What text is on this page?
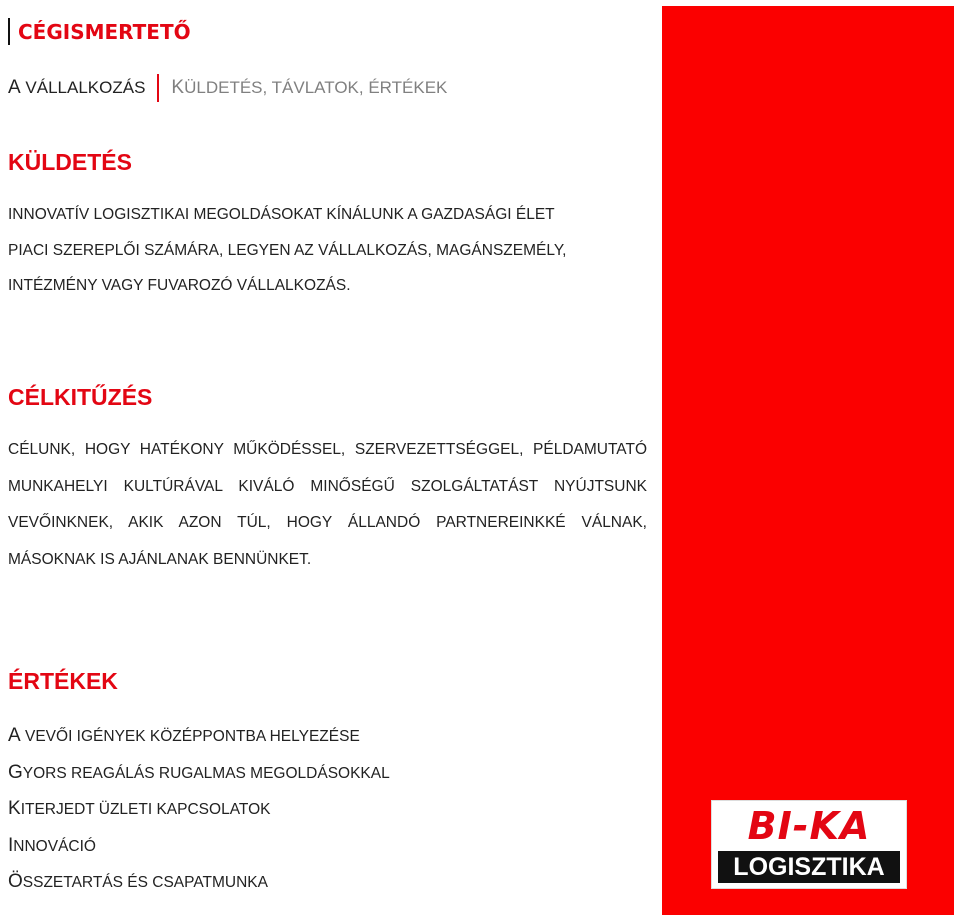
CÉGISMERTETŐ
A VÁLLALKOZÁS KÜLDETÉS, TÁVLATOK, ÉRTÉKEK
KÜLDETÉS
INNOVATÍV LOGISZTIKAI MEGOLDÁSOKAT KÍNÁLUNK A GAZDASÁGI ÉLET
PIACI SZEREPLŐI SZÁMÁRA, LEGYEN AZ VÁLLALKOZÁS, MAGÁNSZEMÉLY,
INTÉZMÉNY VAGY FUVAROZÓ VÁLLALKOZÁS.
CÉLKITŰZÉS

CÉLUNK, HOGY HATÉKONY MŰKÖDÉSSEL, SZERVEZETTSÉGGEL, PÉLDAMUTATÓ MUNKAHELYI KULTÚRÁVAL KIVÁLÓ MINŐSÉGŰ SZOLGÁLTATÁST NYÚJTSUNK VEVŐINKNEK, AKIK AZON TÚL, HOGY ÁLLANDÓ PARTNEREINKKÉ VÁLNAK, MÁSOKNAK IS AJÁNLANAK BENNÜNKET.

ÉRTÉKEK
A VEVŐI IGÉNYEK KÖZÉPPONTBA HELYEZÉSE
GYORS REAGÁLÁS RUGALMAS MEGOLDÁSOKKAL
KITERJEDT ÜZLETI KAPCSOLATOK
INNOVÁCIÓ
ÖSSZETARTÁS ÉS CSAPATMUNKA
BI-KA
LOGISZTIKA
